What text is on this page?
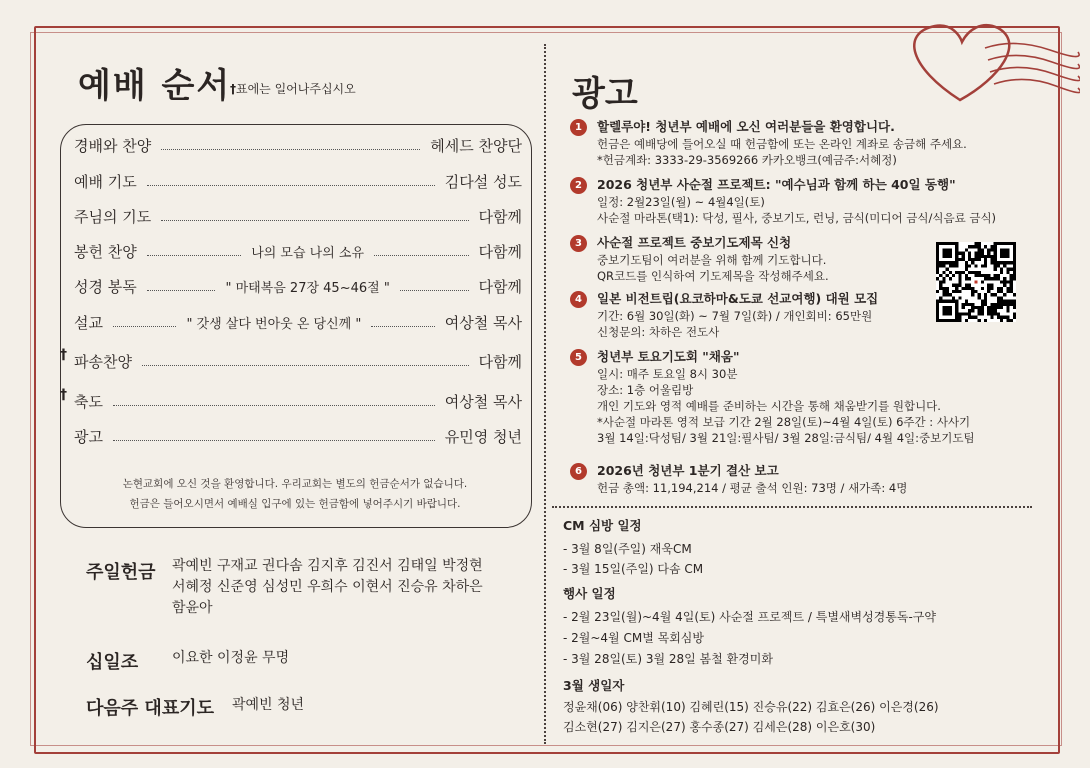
예배 순서
†표에는 일어나주십시오
경배와 찬양	헤세드 찬양단
예배 기도	김다설 성도
주님의 기도	다함께
봉헌 찬양	나의 모습 나의 소유	다함께
성경 봉독	" 마태복음 27장 45~46절 "	다함께
설교	" 갓생 살다 번아웃 온 당신께 "	여상철 목사
† 파송찬양	다함께
† 축도	여상철 목사
광고	유민영 청년
논현교회에 오신 것을 환영합니다. 우리교회는 별도의 헌금순서가 없습니다.
헌금은 들어오시면서 예배실 입구에 있는 헌금함에 넣어주시기 바랍니다.
주일헌금 곽예빈 구재교 권다솜 김지후 김진서 김태일 박정현
서혜정 신준영 심성민 우희수 이현서 진승유 차하은
함윤아
십일조 이요한 이정윤 무명
다음주 대표기도 곽예빈 청년
광고
1	할렐루야! 청년부 예배에 오신 여러분들을 환영합니다.
헌금은 예배당에 들어오실 때 헌금함에 또는 온라인 계좌로 송금해 주세요.
*헌금계좌: 3333-29-3569266 카카오뱅크(예금주:서혜정)
2	2026 청년부 사순절 프로젝트: "예수님과 함께 하는 40일 동행"
일정: 2월23일(월) ~ 4월4일(토)
사순절 마라톤(택1): 닥성, 필사, 중보기도, 런닝, 금식(미디어 금식/식음료 금식)
3	사순절 프로젝트 중보기도제목 신청
중보기도팀이 여러분을 위해 함께 기도합니다.
QR코드를 인식하여 기도제목을 작성해주세요.
4	일본 비전트립(요코하마&도쿄 선교여행) 대원 모집
기간: 6월 30일(화) ~ 7월 7일(화) / 개인회비: 65만원
신청문의: 차하은 전도사
5	청년부 토요기도회 "채움"
일시: 매주 토요일 8시 30분
장소: 1층 어울림방
개인 기도와 영적 예배를 준비하는 시간을 통해 채움받기를 원합니다.
*사순절 마라톤 영적 보급 기간 2월 28일(토)~4월 4일(토) 6주간 : 사사기
3월 14일:닥성팀/ 3월 21일:필사팀/ 3월 28일:금식팀/ 4월 4일:중보기도팀
6	2026년 청년부 1분기 결산 보고
헌금 총액: 11,194,214 / 평균 출석 인원: 73명 / 새가족: 4명
CM 심방 일정
- 3월 8일(주일) 재욱CM
- 3월 15일(주일) 다솜 CM
행사 일정
- 2월 23일(월)~4월 4일(토) 사순절 프로젝트 / 특별새벽성경통독-구약
- 2월~4월 CM별 목회심방
- 3월 28일(토) 3월 28일 봄철 환경미화
3월 생일자
정윤채(06) 양찬휘(10) 김혜린(15) 진승유(22) 김효은(26) 이은경(26)
김소현(27) 김지은(27) 홍수종(27) 김세은(28) 이은호(30)
